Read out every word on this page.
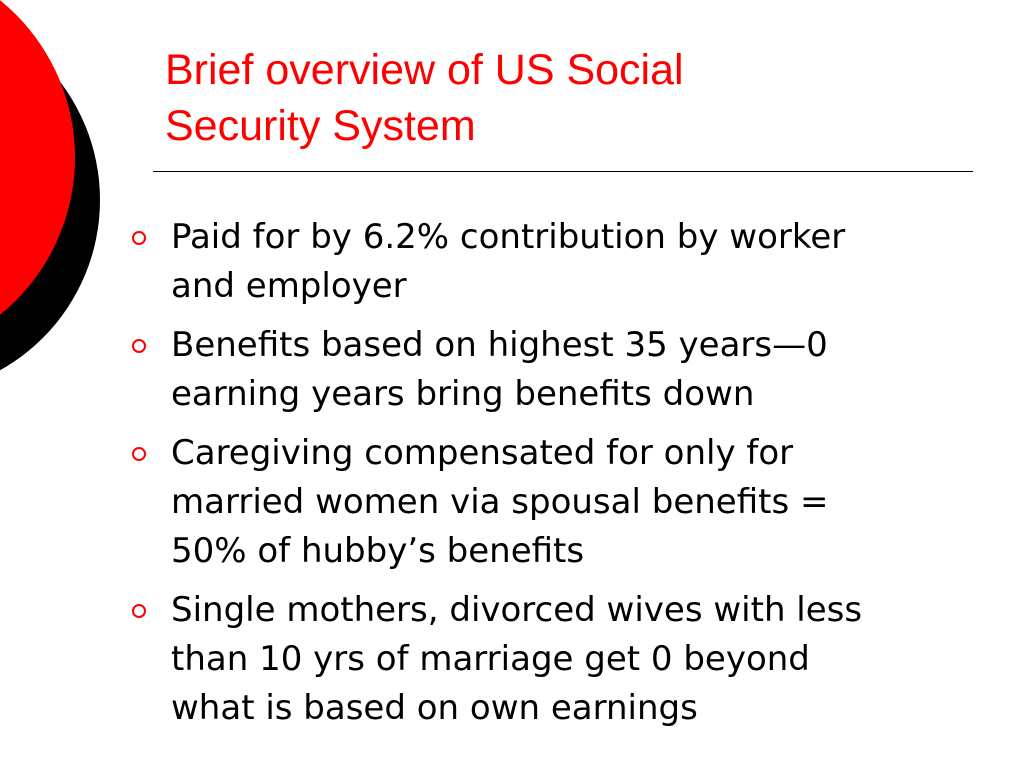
Brief overview of US Social
Security System
Paid for by 6.2% contribution by worker
and employer
Benefits based on highest 35 years—0
earning years bring benefits down
Caregiving compensated for only for
married women via spousal benefits =
50% of hubby’s benefits
Single mothers, divorced wives with less
than 10 yrs of marriage get 0 beyond
what is based on own earnings
